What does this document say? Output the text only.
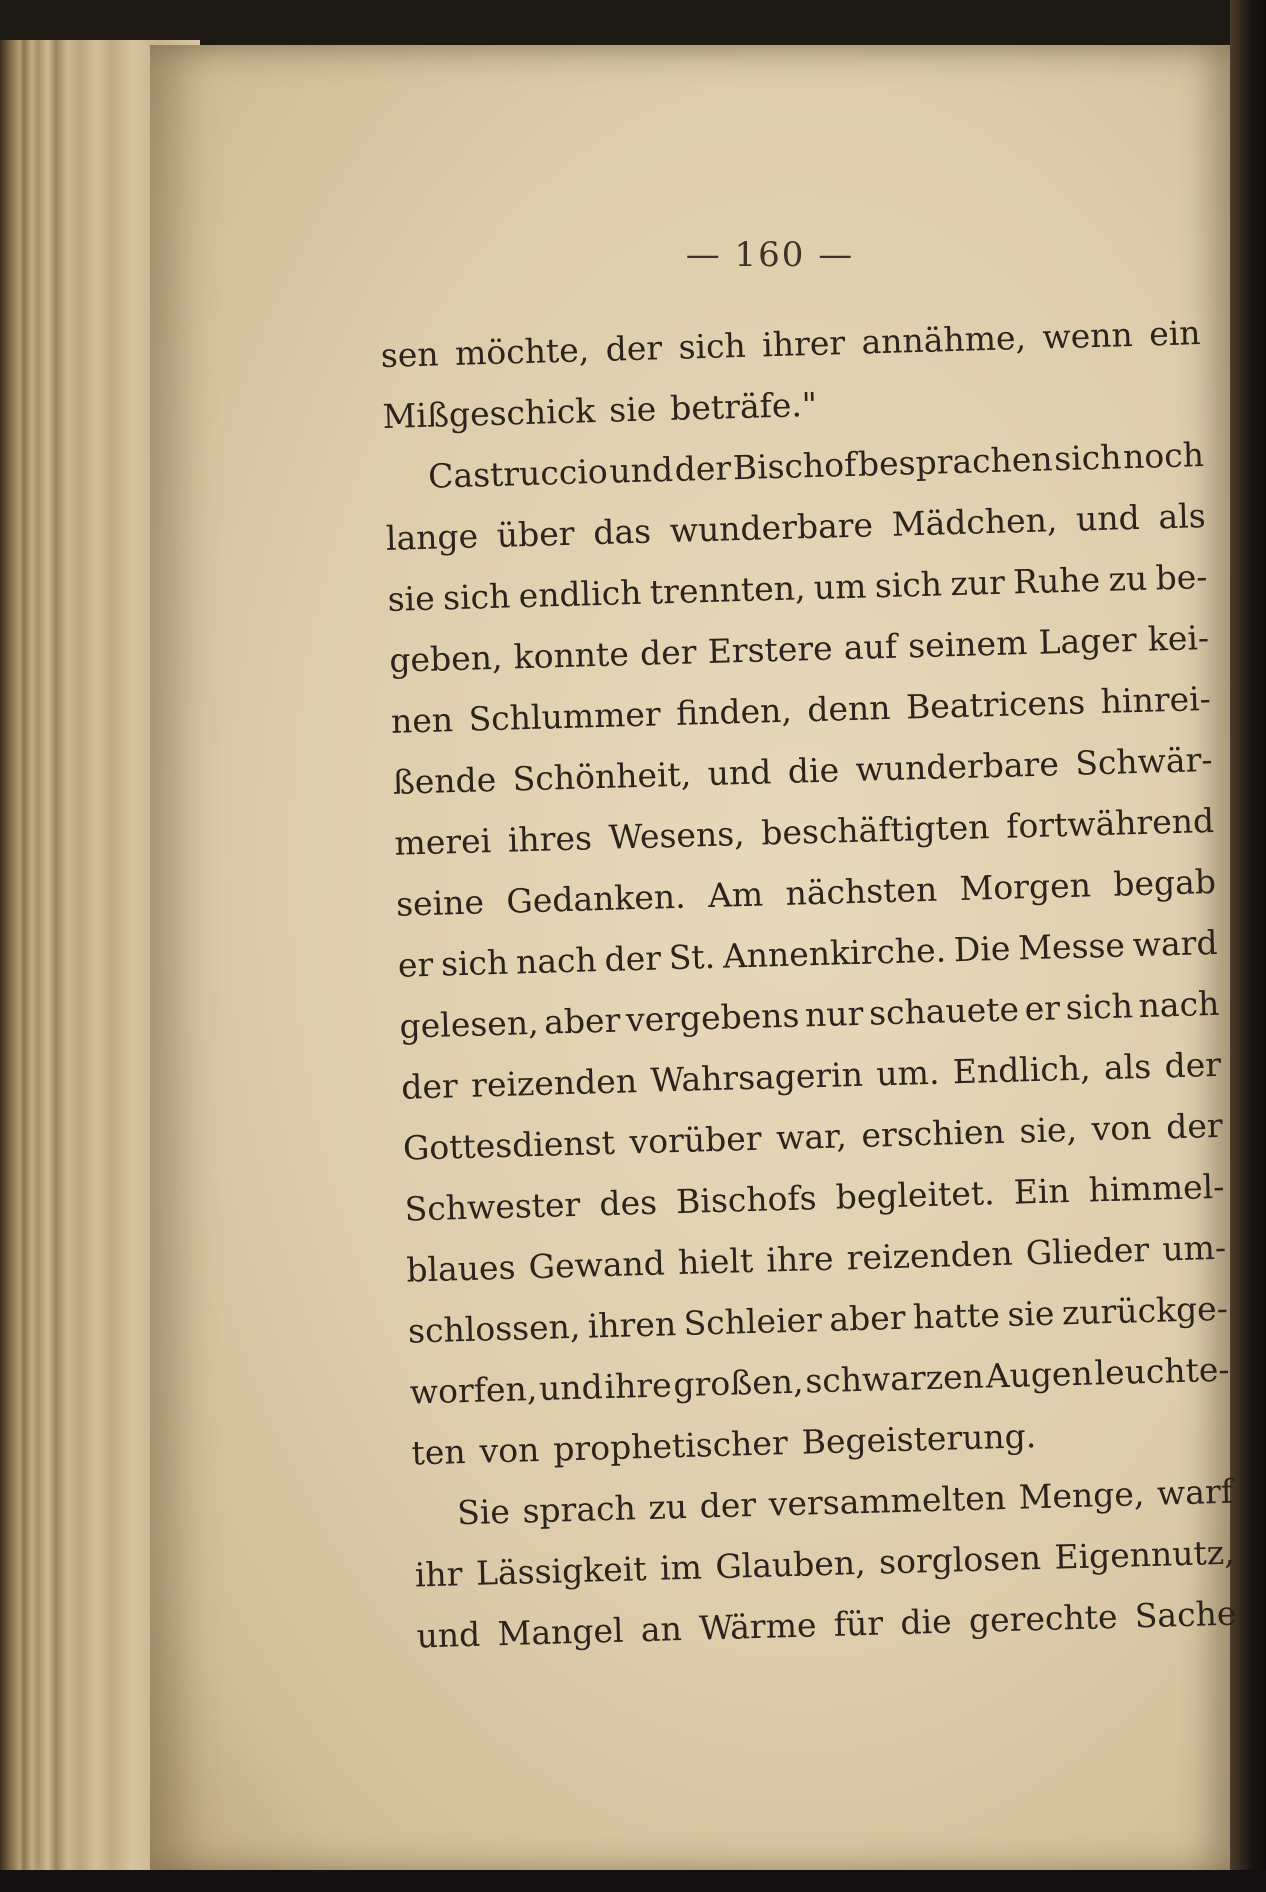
— 160 —
sen möchte, der sich ihrer annähme, wenn ein
Mißgeschick sie beträfe."
Castruccio und der Bischof besprachen sich noch
lange über das wunderbare Mädchen, und als
sie sich endlich trennten, um sich zur Ruhe zu be-
geben, konnte der Erstere auf seinem Lager kei-
nen Schlummer finden, denn Beatricens hinrei-
ßende Schönheit, und die wunderbare Schwär-
merei ihres Wesens, beschäftigten fortwährend
seine Gedanken. Am nächsten Morgen begab
er sich nach der St. Annenkirche. Die Messe ward
gelesen, aber vergebens nur schauete er sich nach
der reizenden Wahrsagerin um. Endlich, als der
Gottesdienst vorüber war, erschien sie, von der
Schwester des Bischofs begleitet. Ein himmel-
blaues Gewand hielt ihre reizenden Glieder um-
schlossen, ihren Schleier aber hatte sie zurückge-
worfen, und ihre großen, schwarzen Augen leuchte-
ten von prophetischer Begeisterung.
Sie sprach zu der versammelten Menge, warf
ihr Lässigkeit im Glauben, sorglosen Eigennutz,
und Mangel an Wärme für die gerechte Sache
